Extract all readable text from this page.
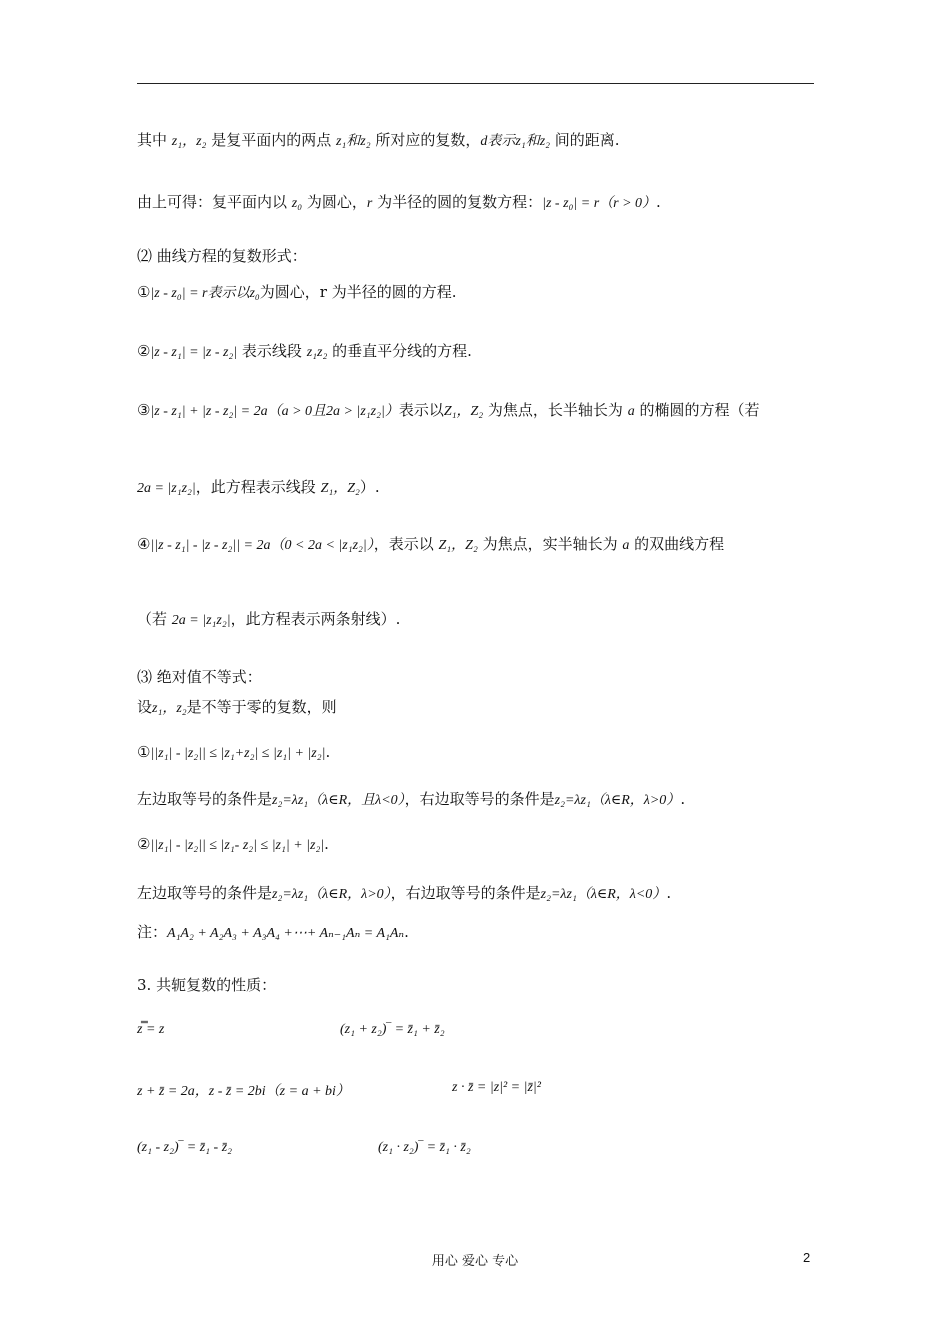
其中 z₁，z₂ 是复平面内的两点 z₁和z₂ 所对应的复数，d表示z₁和z₂ 间的距离.
由上可得：复平面内以 z₀ 为圆心，r 为半径的圆的复数方程：|z - z₀| = r（r > 0）.
⑵ 曲线方程的复数形式：
①|z - z₀| = r表示以z₀为圆心，r 为半径的圆的方程.
②|z - z₁| = |z - z₂| 表示线段 z₁z₂ 的垂直平分线的方程.
③|z - z₁| + |z - z₂| = 2a（a > 0且2a > |z₁z₂|）表示以Z₁，Z₂ 为焦点，长半轴长为 a 的椭圆的方程（若
2a = |z₁z₂|，此方程表示线段 Z₁，Z₂）.
④||z - z₁| - |z - z₂|| = 2a（0 < 2a < |z₁z₂|），表示以 Z₁，Z₂ 为焦点，实半轴长为 a 的双曲线方程
（若 2a = |z₁z₂|，此方程表示两条射线）.
⑶ 绝对值不等式：
设z₁，z₂是不等于零的复数，则
①||z₁| - |z₂|| ≤ |z₁+z₂| ≤ |z₁| + |z₂|.
左边取等号的条件是z₂=λz₁（λ∈R，且λ<0），右边取等号的条件是z₂=λz₁（λ∈R，λ>0）.
②||z₁| - |z₂|| ≤ |z₁- z₂| ≤ |z₁| + |z₂|.
左边取等号的条件是z₂=λz₁（λ∈R，λ>0），右边取等号的条件是z₂=λz₁（λ∈R，λ<0）.
注：A₁A₂ + A₂A₃ + A₃A₄ +⋯+ Aₙ₋₁Aₙ = A₁Aₙ.
3. 共轭复数的性质：
z̿ = z	(z₁ + z₂)‾ = z̄₁ + z̄₂
z + z̄ = 2a，z - z̄ = 2bi（z = a + bi）	z · z̄ = |z|² = |z̄|²
(z₁ - z₂)‾ = z̄₁ - z̄₂	(z₁ · z₂)‾ = z̄₁ · z̄₂
用心 爱心 专心	2
